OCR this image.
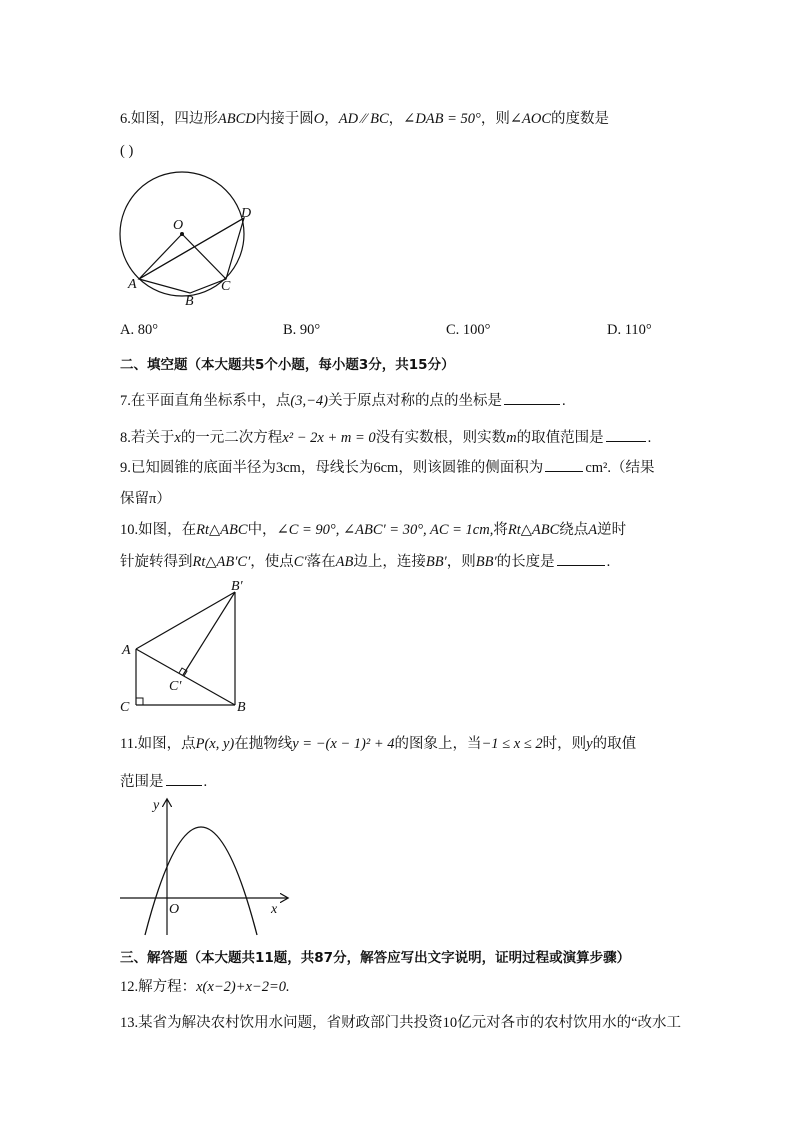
6.如图，四边形ABCD内接于圆O，AD ⁄⁄ BC，∠DAB = 50°，则∠AOC的度数是
( )
O
A
B
C
D
A. 80°	B. 90°	C. 100°	D. 110°
二、填空题（本大题共5个小题，每小题3分，共15分）
7.在平面直角坐标系中，点(3,−4)关于原点对称的点的坐标是	.
8.若关于x的一元二次方程x² − 2x + m = 0没有实数根，则实数m的取值范围是	.
9.已知圆锥的底面半径为3cm，母线长为6cm，则该圆锥的侧面积为	cm².（结果
保留π）
10.如图，在Rt△ABC中，∠C = 90°, ∠ABC′ = 30°, AC = 1cm,将Rt△ABC绕点A逆时
针旋转得到Rt△AB′C′，使点C′落在AB边上，连接BB′，则BB′的长度是	.
B′
A
C′
C	B
11.如图，点P(x, y)在抛物线y = −(x − 1)² + 4的图象上，当−1 ≤ x ≤ 2时，则y的取值
范围是	.
y
x
O
三、解答题（本大题共11题，共87分，解答应写出文字说明，证明过程或演算步骤）
12.解方程：x(x−2)+x−2=0.
13.某省为解决农村饮用水问题，省财政部门共投资10亿元对各市的农村饮用水的“改水工
